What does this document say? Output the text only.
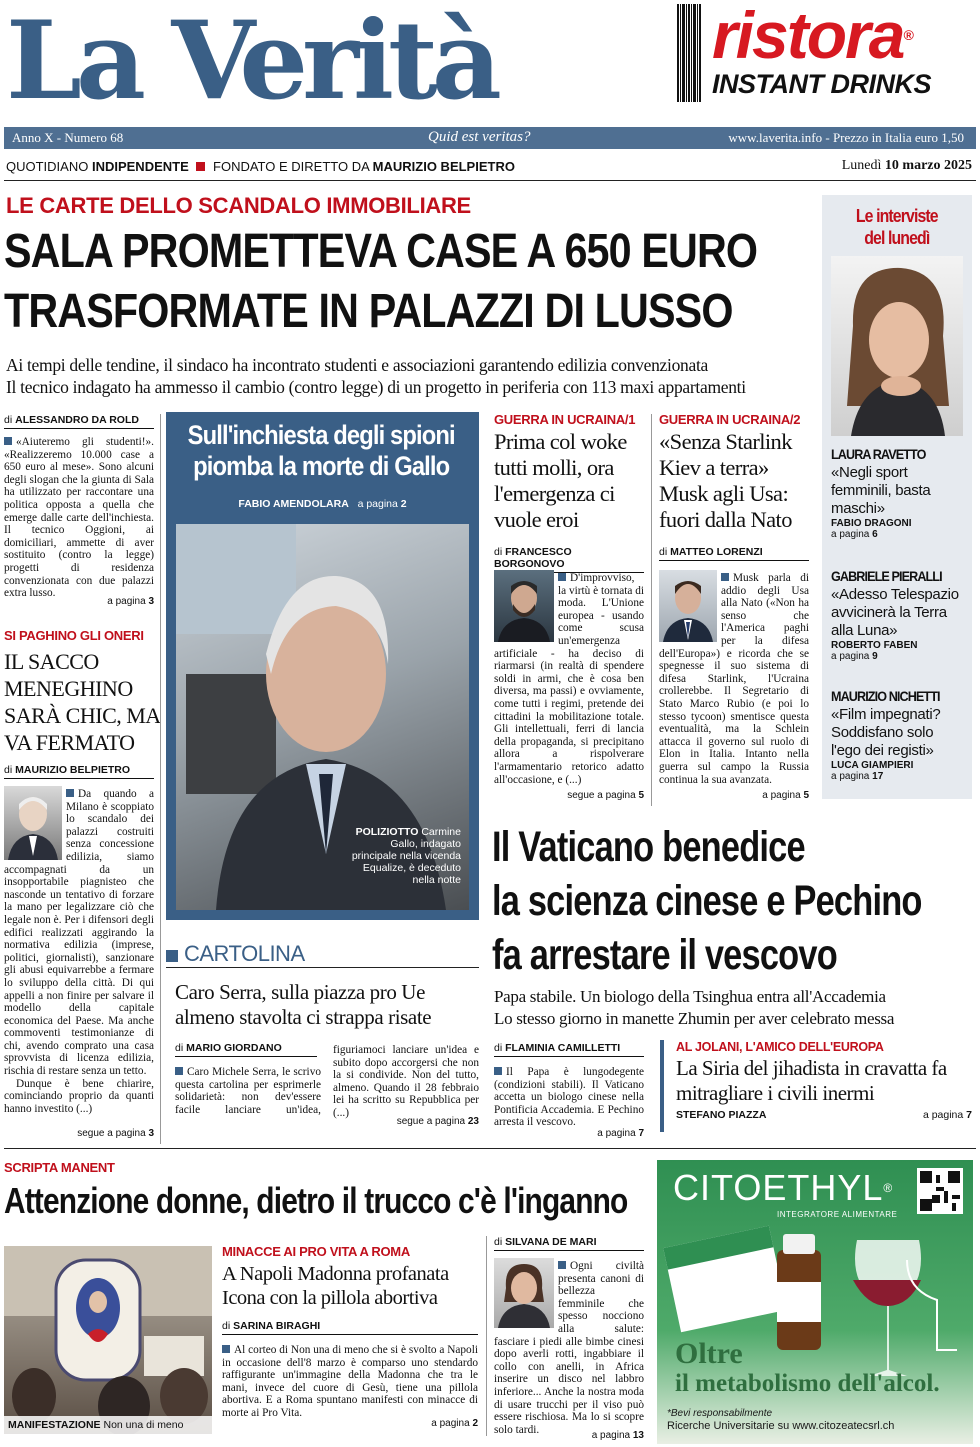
La Verità	ristora®
INSTANT DRINKS
Anno X - Numero 68	Quid est veritas?	www.laverita.info - Prezzo in Italia euro 1,50
QUOTIDIANO INDIPENDENTE FONDATO E DIRETTO DA MAURIZIO BELPIETRO	Lunedì 10 marzo 2025
LE CARTE DELLO SCANDALO IMMOBILIARE
SALA PROMETTEVA CASE A 650 EURO
TRASFORMATE IN PALAZZI DI LUSSO
Ai tempi delle tendine, il sindaco ha incontrato studenti e associazioni garantendo edilizia convenzionata
Il tecnico indagato ha ammesso il cambio (contro legge) di un progetto in periferia con 113 maxi appartamenti
di ALESSANDRO DA ROLD
«Aiuteremo gli studenti!». «Realizzeremo 10.000 case a 650 euro al mese». Sono alcuni degli slogan che la giunta di Sala ha utilizzato per raccontare una politica opposta a quella che emerge dalle carte dell'inchiesta. Il tecnico Oggioni, ai domiciliari, ammette di aver sostituito (contro la legge) progetti di residenza convenzionata con due palazzi extra lusso.
a pagina 3
SI PAGHINO GLI ONERI
IL SACCO MENEGHINO SARÀ CHIC, MA VA FERMATO
di MAURIZIO BELPIETRO
Da quando a Milano è scoppiato lo scandalo dei palazzi costruiti senza concessione edilizia, siamo accompagnati da un insopportabile piagnisteo che nasconde un tentativo di forzare la mano per legalizzare ciò che legale non è. Per i difensori degli edifici realizzati aggirando la normativa edilizia (imprese, politici, giornalisti), sanzionare gli abusi equivarrebbe a fermare lo sviluppo della città. Di qui appelli a non finire per salvare il modello della capitale economica del Paese. Ma anche commoventi testimonianze di chi, avendo comprato una casa sprovvista di licenza edilizia, rischia di restare senza un tetto.
Dunque è bene chiarire, cominciando proprio da quanti hanno investito (...)
segue a pagina 3
Sull'inchiesta degli spioni piomba la morte di Gallo
FABIO AMENDOLARA a pagina 2
POLIZIOTTO Carmine Gallo, indagato principale nella vicenda Equalize, è deceduto nella notte
CARTOLINA
Caro Serra, sulla piazza pro Ue almeno stavolta ci strappa risate
di MARIO GIORDANO
Caro Michele Serra, le scrivo questa cartolina per esprimerle solidarietà: non dev'essere facile lanciare un'idea, figuriamoci lanciare un'idea e subito dopo accorgersi che non la si condivide. Non del tutto, almeno. Quando il 28 febbraio lei ha scritto su Repubblica per (...)
segue a pagina 23
GUERRA IN UCRAINA/1
Prima col woke tutti molli, ora l'emergenza ci vuole eroi
di FRANCESCO BORGONOVO
D'improvviso, la virtù è tornata di moda. L'Unione europea - usando come scusa un'emergenza artificiale - ha deciso di riarmarsi (in realtà di spendere soldi in armi, che è cosa ben diversa, ma passi) e ovviamente, come tutti i regimi, pretende dei cittadini la mobilitazione totale. Gli intellettuali, ferri di lancia della propaganda, si precipitano allora a rispolverare l'armamentario retorico adatto all'occasione, e (...)
segue a pagina 5
GUERRA IN UCRAINA/2
«Senza Starlink Kiev a terra» Musk agli Usa: fuori dalla Nato
di MATTEO LORENZI
Musk parla di addio degli Usa alla Nato («Non ha senso che l'America paghi per la difesa dell'Europa») e ricorda che se spegnesse il suo sistema di difesa Starlink, l'Ucraina crollerebbe. Il Segretario di Stato Marco Rubio (e poi lo stesso tycoon) smentisce questa eventualità, ma la Schlein attacca il governo sul ruolo di Elon in Italia. Intanto nella guerra sul campo la Russia continua la sua avanzata.
a pagina 5
Le interviste
del lunedì
LAURA RAVETTO
«Negli sport femminili, basta maschi»
FABIO DRAGONI
a pagina 6
GABRIELE PIERALLI
«Adesso Telespazio avvicinerà la Terra alla Luna»
ROBERTO FABEN
a pagina 9
MAURIZIO NICHETTI
«Film impegnati? Soddisfano solo l'ego dei registi»
LUCA GIAMPIERI
a pagina 17
Il Vaticano benedice
la scienza cinese e Pechino
fa arrestare il vescovo
Papa stabile. Un biologo della Tsinghua entra all'Accademia
Lo stesso giorno in manette Zhumin per aver celebrato messa
di FLAMINIA CAMILLETTI
Il Papa è lungodegente (condizioni stabili). Il Vaticano accetta un biologo cinese nella Pontificia Accademia. E Pechino arresta il vescovo.
a pagina 7
AL JOLANI, L'AMICO DELL'EUROPA
La Siria del jihadista in cravatta fa mitragliare i civili inermi
STEFANO PIAZZA	a pagina 7
SCRIPTA MANENT
Attenzione donne, dietro il trucco c'è l'inganno
MANIFESTAZIONE Non una di meno
MINACCE AI PRO VITA A ROMA
A Napoli Madonna profanata Icona con la pillola abortiva
di SARINA BIRAGHI
Al corteo di Non una di meno che si è svolto a Napoli in occasione dell'8 marzo è comparso uno stendardo raffigurante un'immagine della Madonna che tra le mani, invece del cuore di Gesù, tiene una pillola abortiva. E a Roma spuntano manifesti con minacce di morte ai Pro Vita.
a pagina 2
di SILVANA DE MARI
Ogni civiltà presenta canoni di bellezza femminile che spesso nocciono alla salute: fasciare i piedi alle bimbe cinesi dopo averli rotti, ingabbiare il collo con anelli, in Africa inserire un disco nel labbro inferiore... Anche la nostra moda di usare trucchi per il viso può essere rischiosa. Ma lo si scopre solo tardi.	a pagina 13
CITOETHYL®
INTEGRATORE ALIMENTARE
Oltre
il metabolismo dell'alcol.
*Bevi responsabilmente
Ricerche Universitarie su www.citozeatecsrl.ch
